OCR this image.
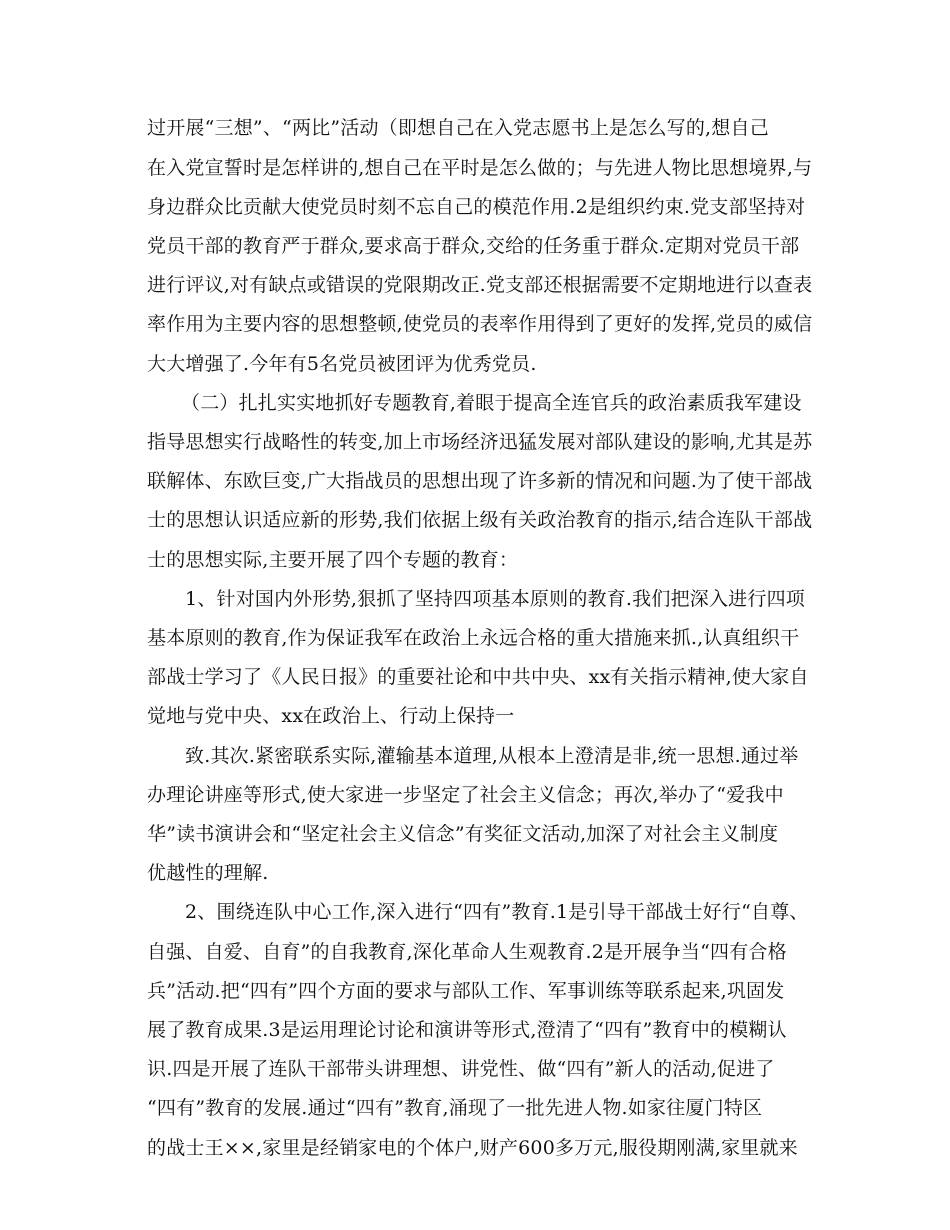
过开展“三想”、“两比”活动（即想自己在入党志愿书上是怎么写的,想自己
在入党宣誓时是怎样讲的,想自己在平时是怎么做的；与先进人物比思想境界,与
身边群众比贡献大使党员时刻不忘自己的模范作用.2是组织约束.党支部坚持对
党员干部的教育严于群众,要求高于群众,交给的任务重于群众.定期对党员干部
进行评议,对有缺点或错误的党限期改正.党支部还根据需要不定期地进行以查表
率作用为主要内容的思想整顿,使党员的表率作用得到了更好的发挥,党员的威信
大大增强了.今年有5名党员被团评为优秀党员.
（二）扎扎实实地抓好专题教育,着眼于提高全连官兵的政治素质我军建设
指导思想实行战略性的转变,加上市场经济迅猛发展对部队建设的影响,尤其是苏
联解体、东欧巨变,广大指战员的思想出现了许多新的情况和问题.为了使干部战
士的思想认识适应新的形势,我们依据上级有关政治教育的指示,结合连队干部战
士的思想实际,主要开展了四个专题的教育：
1、针对国内外形势,狠抓了坚持四项基本原则的教育.我们把深入进行四项
基本原则的教育,作为保证我军在政治上永远合格的重大措施来抓.,认真组织干
部战士学习了《人民日报》的重要社论和中共中央、xx有关指示精神,使大家自
觉地与党中央、xx在政治上、行动上保持一
致.其次.紧密联系实际,灌输基本道理,从根本上澄清是非,统一思想.通过举
办理论讲座等形式,使大家进一步坚定了社会主义信念；再次,举办了“爱我中
华”读书演讲会和“坚定社会主义信念”有奖征文活动,加深了对社会主义制度
优越性的理解.
2、围绕连队中心工作,深入进行“四有”教育.1是引导干部战士好行“自尊、
自强、自爱、自育”的自我教育,深化革命人生观教育.2是开展争当“四有合格
兵”活动.把“四有”四个方面的要求与部队工作、军事训练等联系起来,巩固发
展了教育成果.3是运用理论讨论和演讲等形式,澄清了“四有”教育中的模糊认
识.四是开展了连队干部带头讲理想、讲党性、做“四有”新人的活动,促进了
“四有”教育的发展.通过“四有”教育,涌现了一批先进人物.如家往厦门特区
的战士王××,家里是经销家电的个体户,财产600多万元,服役期刚满,家里就来
